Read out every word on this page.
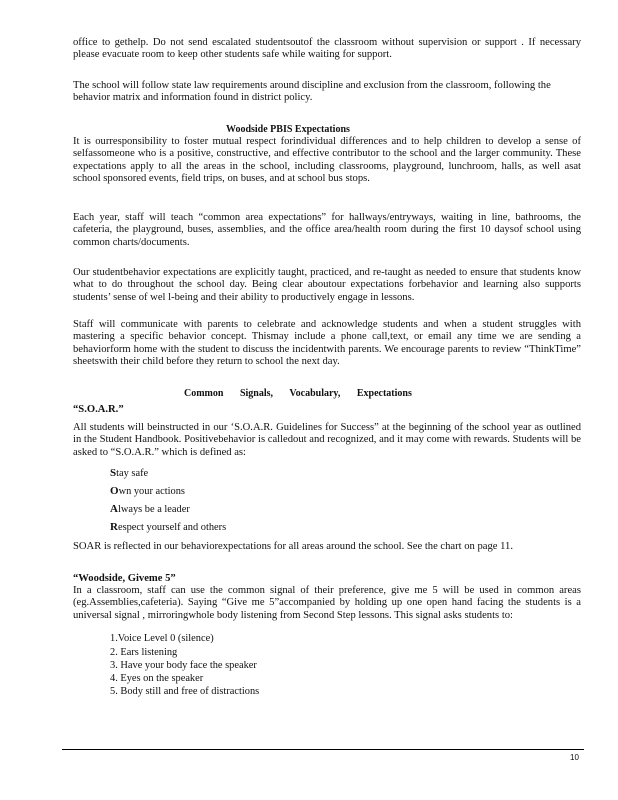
office to gethelp. Do not send escalated studentsoutof the classroom without supervision or support . If necessary please evacuate room to keep other students safe while waiting for support.

The school will follow state law requirements around discipline and exclusion from the classroom, following the behavior matrix and information found in district policy.

Woodside PBIS Expectations

It is ourresponsibility to foster mutual respect forindividual differences and to help children to develop a sense of selfassomeone who is a positive, constructive, and effective contributor to the school and the larger community. These expectations apply to all the areas in the school, including classrooms, playground, lunchroom, halls, as well asat school sponsored events, field trips, on buses, and at school bus stops.

Each year, staff will teach “common area expectations” for hallways/entryways, waiting in line, bathrooms, the cafeteria, the playground, buses, assemblies, and the office area/health room during the first 10 daysof school using common charts/documents.

Our studentbehavior expectations are explicitly taught, practiced, and re-taught as needed to ensure that students know what to do throughout the school day. Being clear aboutour expectations forbehavior and learning also supports students’ sense of wel l-being and their ability to productively engage in lessons.

Staff will communicate with parents to celebrate and acknowledge students and when a student struggles with mastering a specific behavior concept. Thismay include a phone call,text, or email any time we are sending a behaviorform home with the student to discuss the incidentwith parents. We encourage parents to review “ThinkTime” sheetswith their child before they return to school the next day.

Common Signals, Vocabulary, Expectations

“S.O.A.R.”

All students will beinstructed in our ‘S.O.A.R. Guidelines for Success” at the beginning of the school year as outlined in the Student Handbook. Positivebehavior is calledout and recognized, and it may come with rewards. Students will be asked to “S.O.A.R.” which is defined as:

Stay safe

Own your actions

Always be a leader

Respect yourself and others

SOAR is reflected in our behaviorexpectations for all areas around the school. See the chart on page 11.

“Woodside, Giveme 5”

In a classroom, staff can use the common signal of their preference, give me 5 will be used in common areas (eg.Assemblies,cafeteria). Saying “Give me 5”accompanied by holding up one open hand facing the students is a universal signal , mirroringwhole body listening from Second Step lessons. This signal asks students to:

1.Voice Level 0 (silence)

2. Ears listening

3. Have your body face the speaker

4. Eyes on the speaker

5. Body still and free of distractions

10
